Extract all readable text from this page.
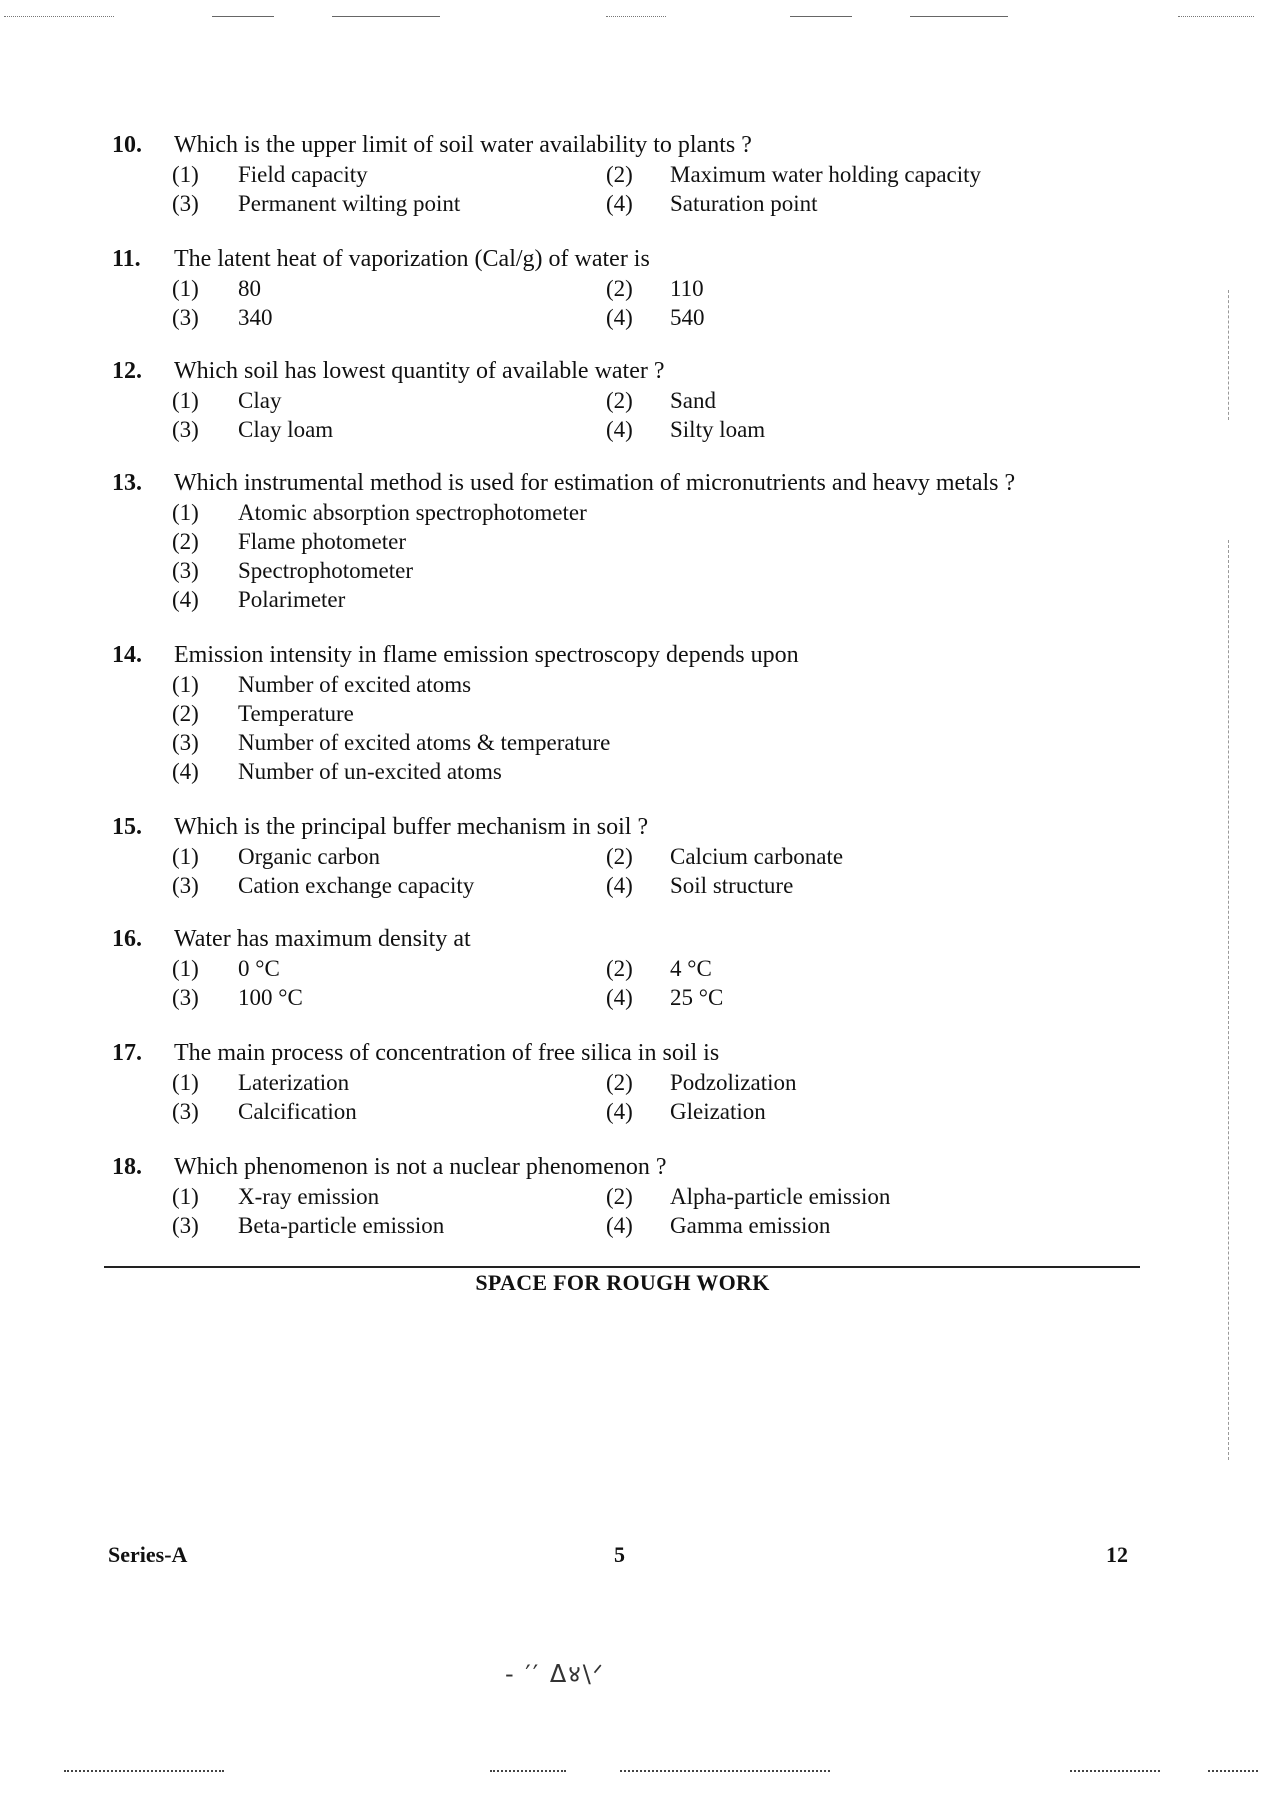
10. Which is the upper limit of soil water availability to plants ?
(1) Field capacity	(2) Maximum water holding capacity
(3) Permanent wilting point	(4) Saturation point
11. The latent heat of vaporization (Cal/g) of water is
(1) 80	(2) 110
(3) 340	(4) 540
12. Which soil has lowest quantity of available water ?
(1) Clay	(2) Sand
(3) Clay loam	(4) Silty loam
13. Which instrumental method is used for estimation of micronutrients and heavy metals ?
(1) Atomic absorption spectrophotometer
(2) Flame photometer
(3) Spectrophotometer
(4) Polarimeter
14. Emission intensity in flame emission spectroscopy depends upon
(1) Number of excited atoms
(2) Temperature
(3) Number of excited atoms & temperature
(4) Number of un-excited atoms
15. Which is the principal buffer mechanism in soil ?
(1) Organic carbon	(2) Calcium carbonate
(3) Cation exchange capacity	(4) Soil structure
16. Water has maximum density at
(1) 0 °C	(2) 4 °C
(3) 100 °C	(4) 25 °C
17. The main process of concentration of free silica in soil is
(1) Laterization	(2) Podzolization
(3) Calcification	(4) Gleization
18. Which phenomenon is not a nuclear phenomenon ?
(1) X-ray emission	(2) Alpha-particle emission
(3) Beta-particle emission	(4) Gamma emission
SPACE FOR ROUGH WORK
Series-A	5	12
- ′′ ᐃ४\ᐟ
